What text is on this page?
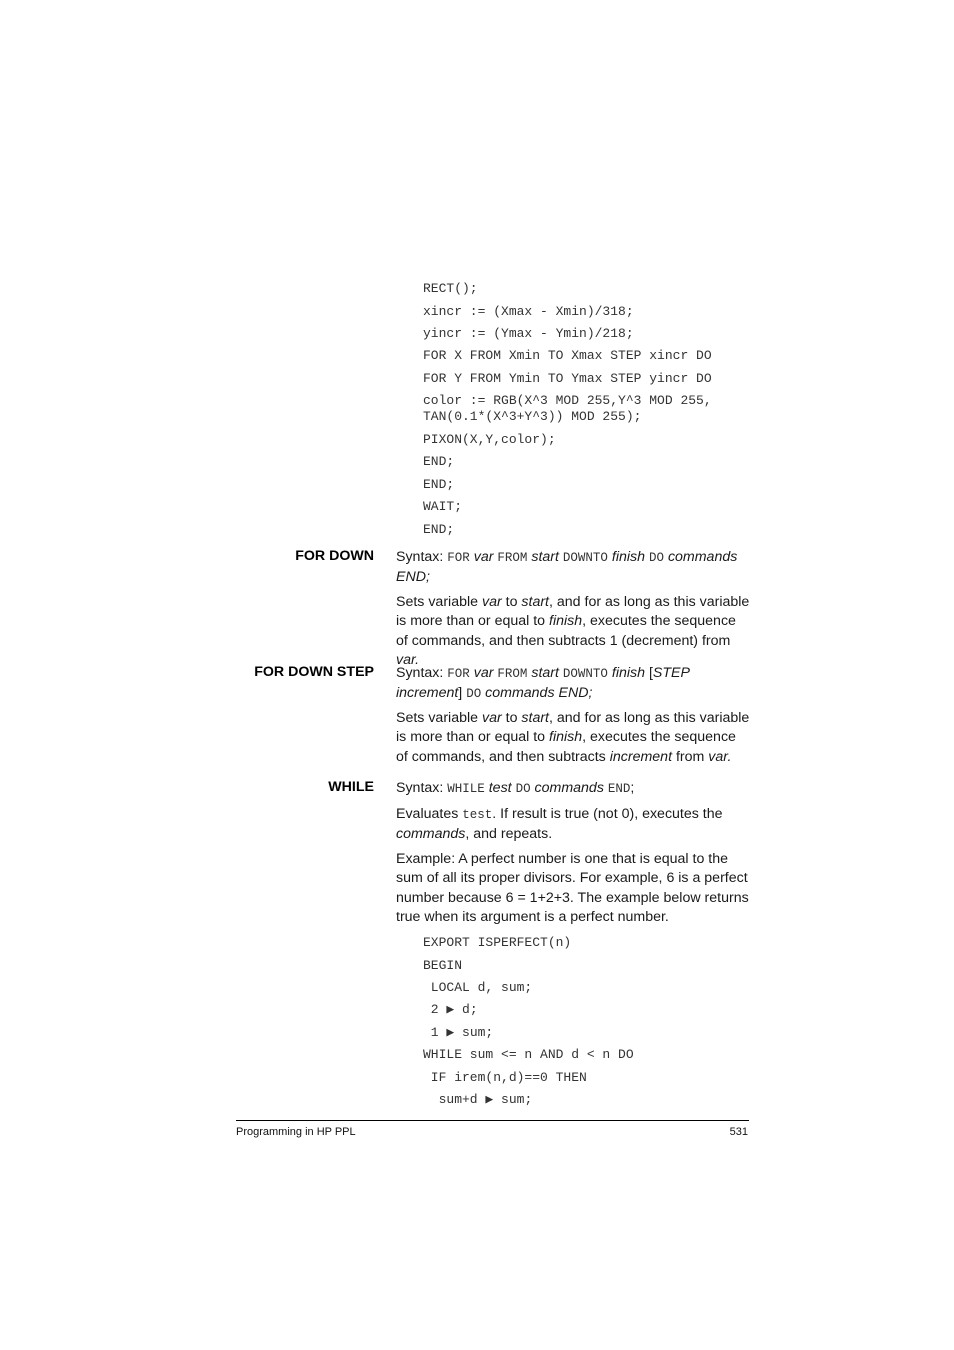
RECT();
xincr := (Xmax - Xmin)/318;
yincr := (Ymax - Ymin)/218;
FOR X FROM Xmin TO Xmax STEP xincr DO
FOR Y FROM Ymin TO Ymax STEP yincr DO
color := RGB(X^3 MOD 255,Y^3 MOD 255,
TAN(0.1*(X^3+Y^3)) MOD 255);
PIXON(X,Y,color);
END;
END;
WAIT;
END;
FOR DOWN Syntax: FOR var FROM start DOWNTO finish DO commands END;
Sets variable var to start, and for as long as this variable is more than or equal to finish, executes the sequence of commands, and then subtracts 1 (decrement) from var.
FOR DOWN STEP Syntax: FOR var FROM start DOWNTO finish [STEP increment] DO commands END;
Sets variable var to start, and for as long as this variable is more than or equal to finish, executes the sequence of commands, and then subtracts increment from var.
WHILE Syntax: WHILE test DO commands END;
Evaluates test. If result is true (not 0), executes the commands, and repeats.
Example: A perfect number is one that is equal to the sum of all its proper divisors. For example, 6 is a perfect number because 6 = 1+2+3. The example below returns true when its argument is a perfect number.
EXPORT ISPERFECT(n)
BEGIN
LOCAL d, sum;
2 ▶ d;
1 ▶ sum;
WHILE sum <= n AND d < n DO
IF irem(n,d)==0 THEN
sum+d ▶ sum;
Programming in HP PPL	531
